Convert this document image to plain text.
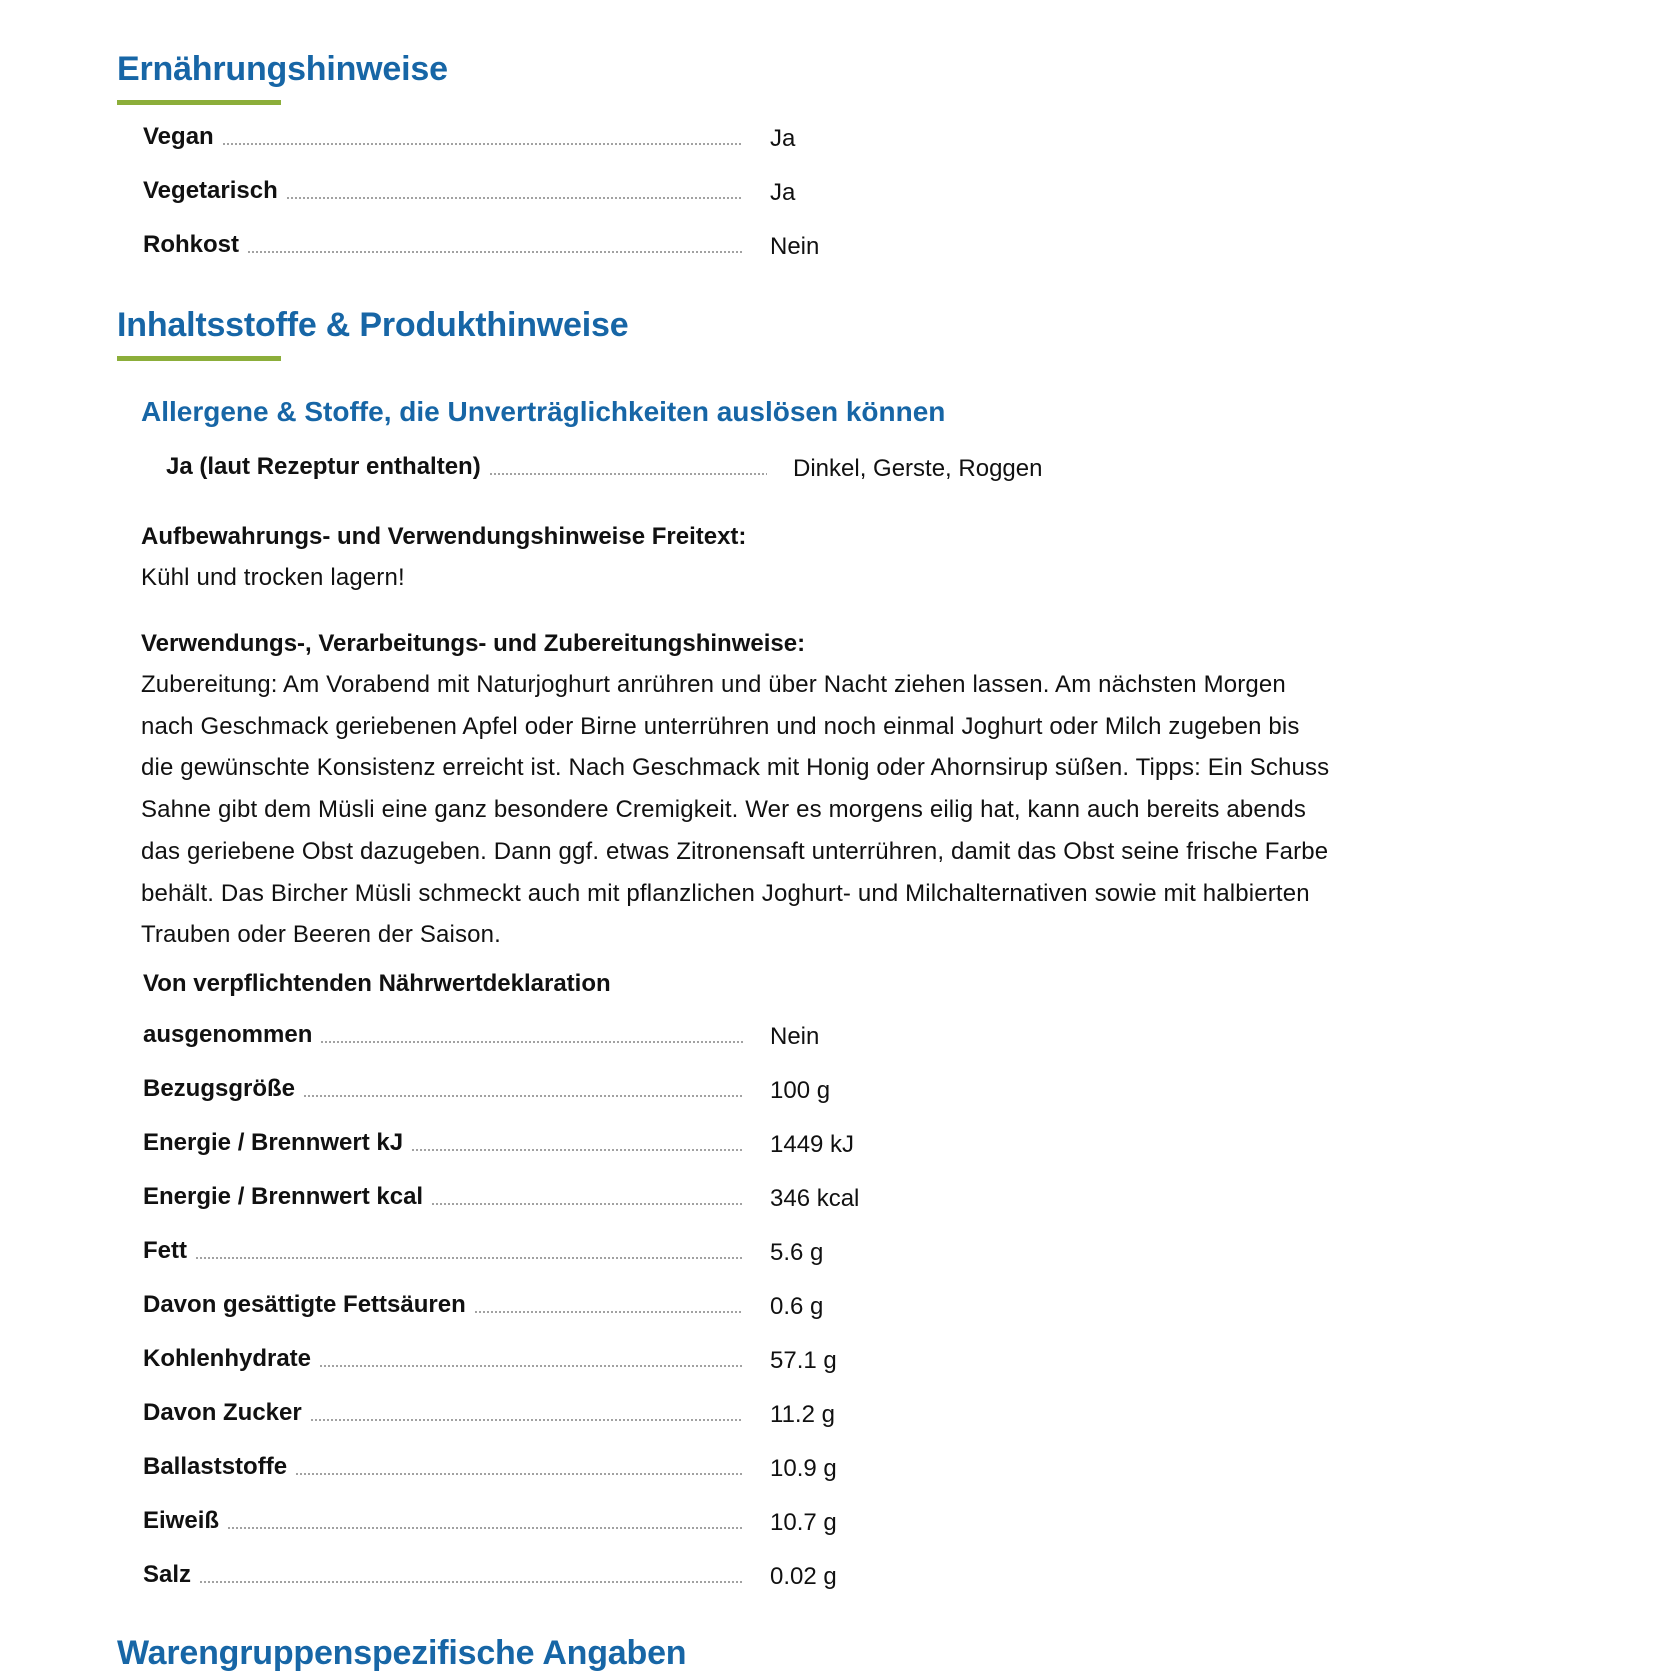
Ernährungshinweise
Vegan	Ja
Vegetarisch	Ja
Rohkost	Nein
Inhaltsstoffe & Produkthinweise
Allergene & Stoffe, die Unverträglichkeiten auslösen können
Ja (laut Rezeptur enthalten)	Dinkel, Gerste, Roggen
Aufbewahrungs- und Verwendungshinweise Freitext:
Kühl und trocken lagern!
Verwendungs-, Verarbeitungs- und Zubereitungshinweise:
Zubereitung: Am Vorabend mit Naturjoghurt anrühren und über Nacht ziehen lassen. Am nächsten Morgen
nach Geschmack geriebenen Apfel oder Birne unterrühren und noch einmal Joghurt oder Milch zugeben bis
die gewünschte Konsistenz erreicht ist. Nach Geschmack mit Honig oder Ahornsirup süßen. Tipps: Ein Schuss
Sahne gibt dem Müsli eine ganz besondere Cremigkeit. Wer es morgens eilig hat, kann auch bereits abends
das geriebene Obst dazugeben. Dann ggf. etwas Zitronensaft unterrühren, damit das Obst seine frische Farbe
behält. Das Bircher Müsli schmeckt auch mit pflanzlichen Joghurt- und Milchalternativen sowie mit halbierten
Trauben oder Beeren der Saison.
Von verpflichtenden Nährwertdeklaration
ausgenommen	Nein
Bezugsgröße	100 g
Energie / Brennwert kJ	1449 kJ
Energie / Brennwert kcal	346 kcal
Fett	5.6 g
Davon gesättigte Fettsäuren	0.6 g
Kohlenhydrate	57.1 g
Davon Zucker	11.2 g
Ballaststoffe	10.9 g
Eiweiß	10.7 g
Salz	0.02 g
Warengruppenspezifische Angaben
